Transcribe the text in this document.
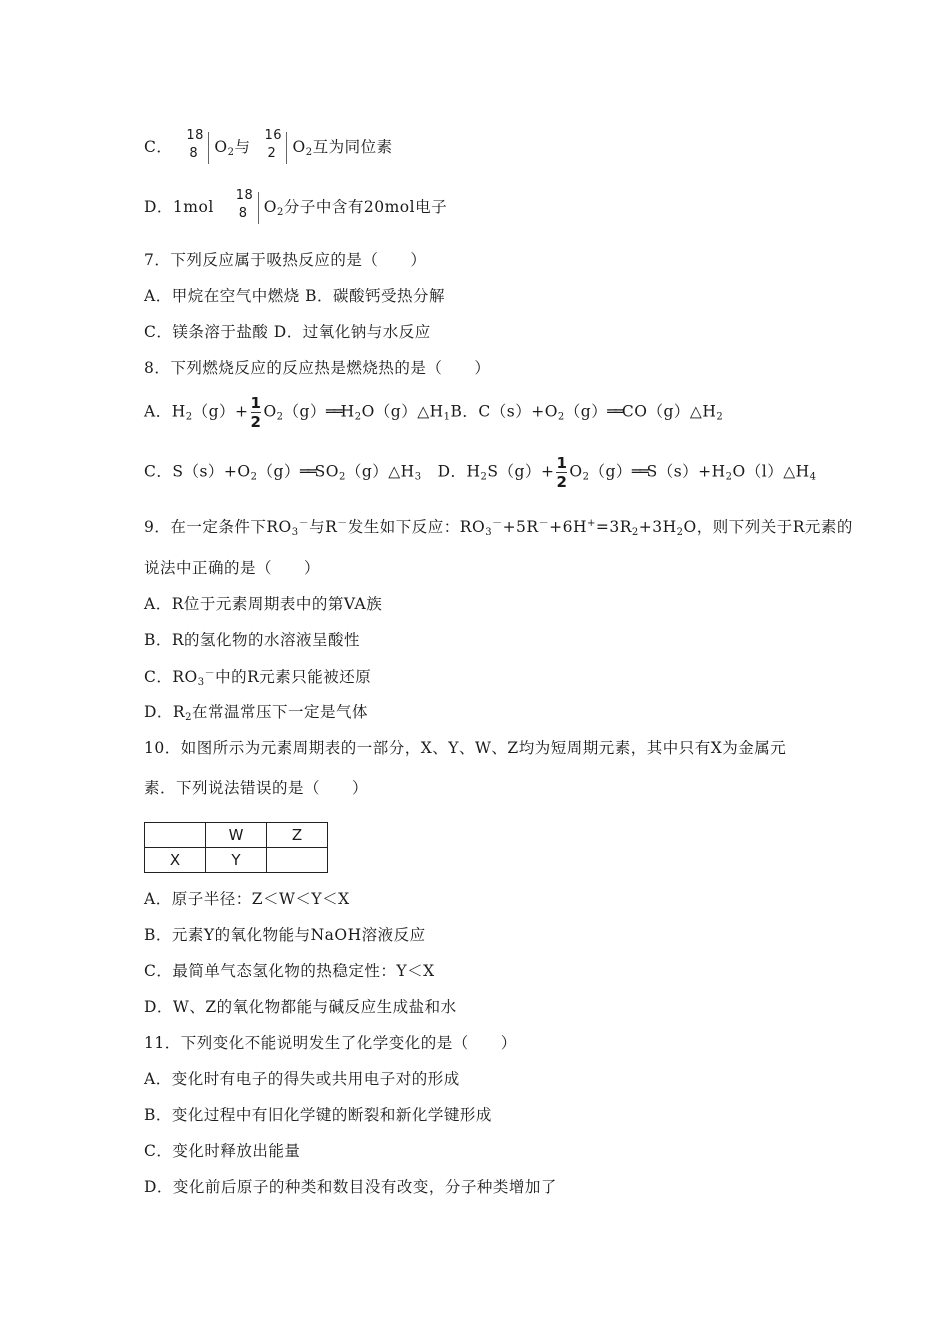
C．
18
8 $O_2$与
16
2 $O_2$互为同位素
D．1mol
18
8 $O_2$分子中含有20mol电子
7．下列反应属于吸热反应的是（　　）
A．甲烷在空气中燃烧 B．碳酸钙受热分解
C．镁条溶于盐酸 D．过氧化钠与水反应
8．下列燃烧反应的反应热是燃烧热的是（　　）
A．$H_2(g)+ \frac{1}{2}$ $O_2(g)══H_2O(g)\triangle H_1B$．$C(s)+O_2(g)══CO(g)\triangle H_2$
C．$S(s)+O_2(g)══SO_2(g)\triangle H_3$　D．$H_2S(g)+ \frac{1}{2}$ $O_2(g)══S(s)+H_2O(l)\triangle H_4$
9．在一定条件下$RO_3^-$与R－发生如下反应：$RO_3^-+5R^-+6H^+=3R_2+3H_2O$，则下列关于R元素的
说法中正确的是（　　）
A．R位于元素周期表中的第VA族
B．R的氢化物的水溶液呈酸性
C．$RO_3^-$中的R元素只能被还原
D．$R_2$在常温常压下一定是气体
10．如图所示为元素周期表的一部分，X、Y、W、Z均为短周期元素，其中只有X为金属元
素．下列说法错误的是（　　）
	W	Z
X	Y	
A．原子半径：Z＜W＜Y＜X
B．元素Y的氧化物能与NaOH溶液反应
C．最简单气态氢化物的热稳定性：Y＜X
D．W、Z的氧化物都能与碱反应生成盐和水
11．下列变化不能说明发生了化学变化的是（　　）
A．变化时有电子的得失或共用电子对的形成
B．变化过程中有旧化学键的断裂和新化学键形成
C．变化时释放出能量
D．变化前后原子的种类和数目没有改变，分子种类增加了
